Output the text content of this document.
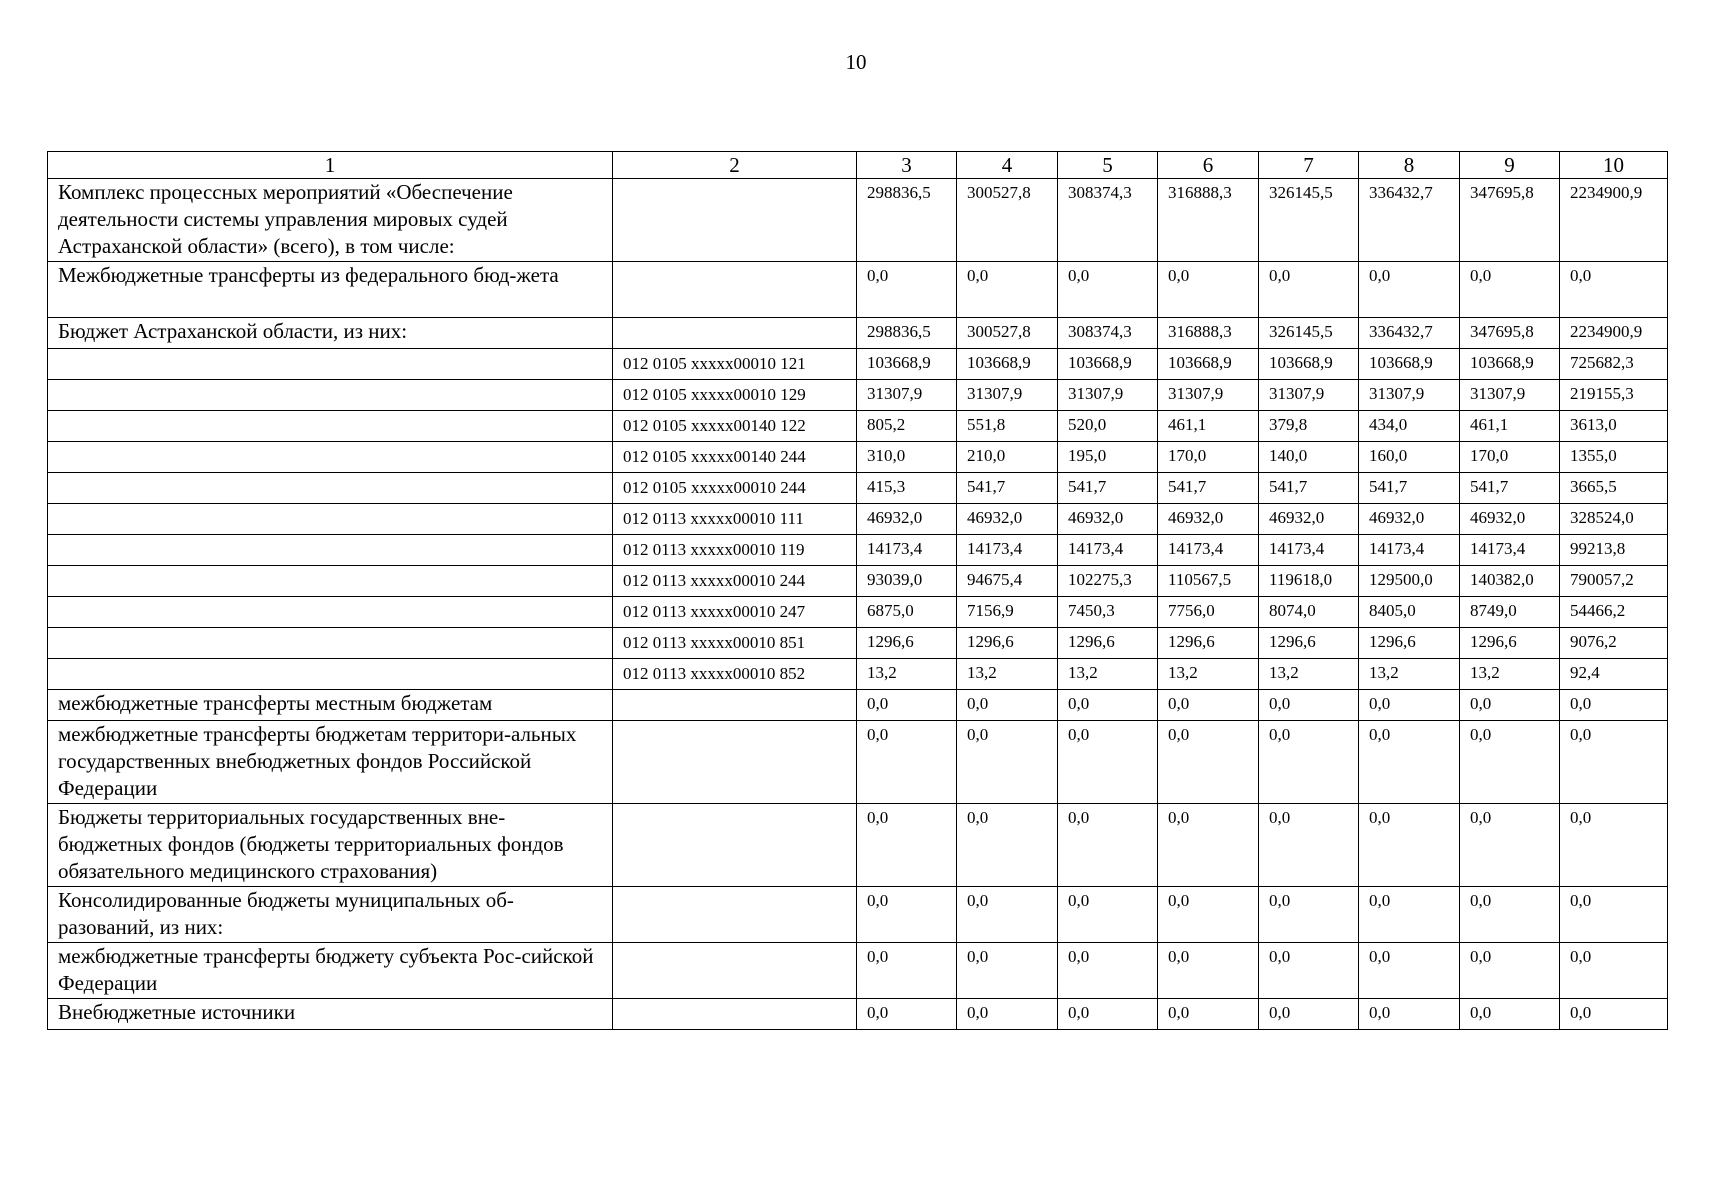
10
1	2	3	4	5	6	7	8	9	10
Комплекс процессных мероприятий «Обеспечение деятельности системы управления мировых судей Астраханской области» (всего), в том числе:		298836,5	300527,8	308374,3	316888,3	326145,5	336432,7	347695,8	2234900,9
Межбюджетные трансферты из федерального бюд-жета		0,0	0,0	0,0	0,0	0,0	0,0	0,0	0,0
Бюджет Астраханской области, из них:		298836,5	300527,8	308374,3	316888,3	326145,5	336432,7	347695,8	2234900,9
	012 0105 xxxxx00010 121	103668,9	103668,9	103668,9	103668,9	103668,9	103668,9	103668,9	725682,3
	012 0105 xxxxx00010 129	31307,9	31307,9	31307,9	31307,9	31307,9	31307,9	31307,9	219155,3
	012 0105 xxxxx00140 122	805,2	551,8	520,0	461,1	379,8	434,0	461,1	3613,0
	012 0105 xxxxx00140 244	310,0	210,0	195,0	170,0	140,0	160,0	170,0	1355,0
	012 0105 xxxxx00010 244	415,3	541,7	541,7	541,7	541,7	541,7	541,7	3665,5
	012 0113 xxxxx00010 111	46932,0	46932,0	46932,0	46932,0	46932,0	46932,0	46932,0	328524,0
	012 0113 xxxxx00010 119	14173,4	14173,4	14173,4	14173,4	14173,4	14173,4	14173,4	99213,8
	012 0113 xxxxx00010 244	93039,0	94675,4	102275,3	110567,5	119618,0	129500,0	140382,0	790057,2
	012 0113 xxxxx00010 247	6875,0	7156,9	7450,3	7756,0	8074,0	8405,0	8749,0	54466,2
	012 0113 xxxxx00010 851	1296,6	1296,6	1296,6	1296,6	1296,6	1296,6	1296,6	9076,2
	012 0113 xxxxx00010 852	13,2	13,2	13,2	13,2	13,2	13,2	13,2	92,4
межбюджетные трансферты местным бюджетам		0,0	0,0	0,0	0,0	0,0	0,0	0,0	0,0
межбюджетные трансферты бюджетам территори-альных государственных внебюджетных фондов Российской Федерации		0,0	0,0	0,0	0,0	0,0	0,0	0,0	0,0
Бюджеты территориальных государственных вне-бюджетных фондов (бюджеты территориальных фондов обязательного медицинского страхования)		0,0	0,0	0,0	0,0	0,0	0,0	0,0	0,0
Консолидированные бюджеты муниципальных об-разований, из них:		0,0	0,0	0,0	0,0	0,0	0,0	0,0	0,0
межбюджетные трансферты бюджету субъекта Рос-сийской Федерации		0,0	0,0	0,0	0,0	0,0	0,0	0,0	0,0
Внебюджетные источники		0,0	0,0	0,0	0,0	0,0	0,0	0,0	0,0
